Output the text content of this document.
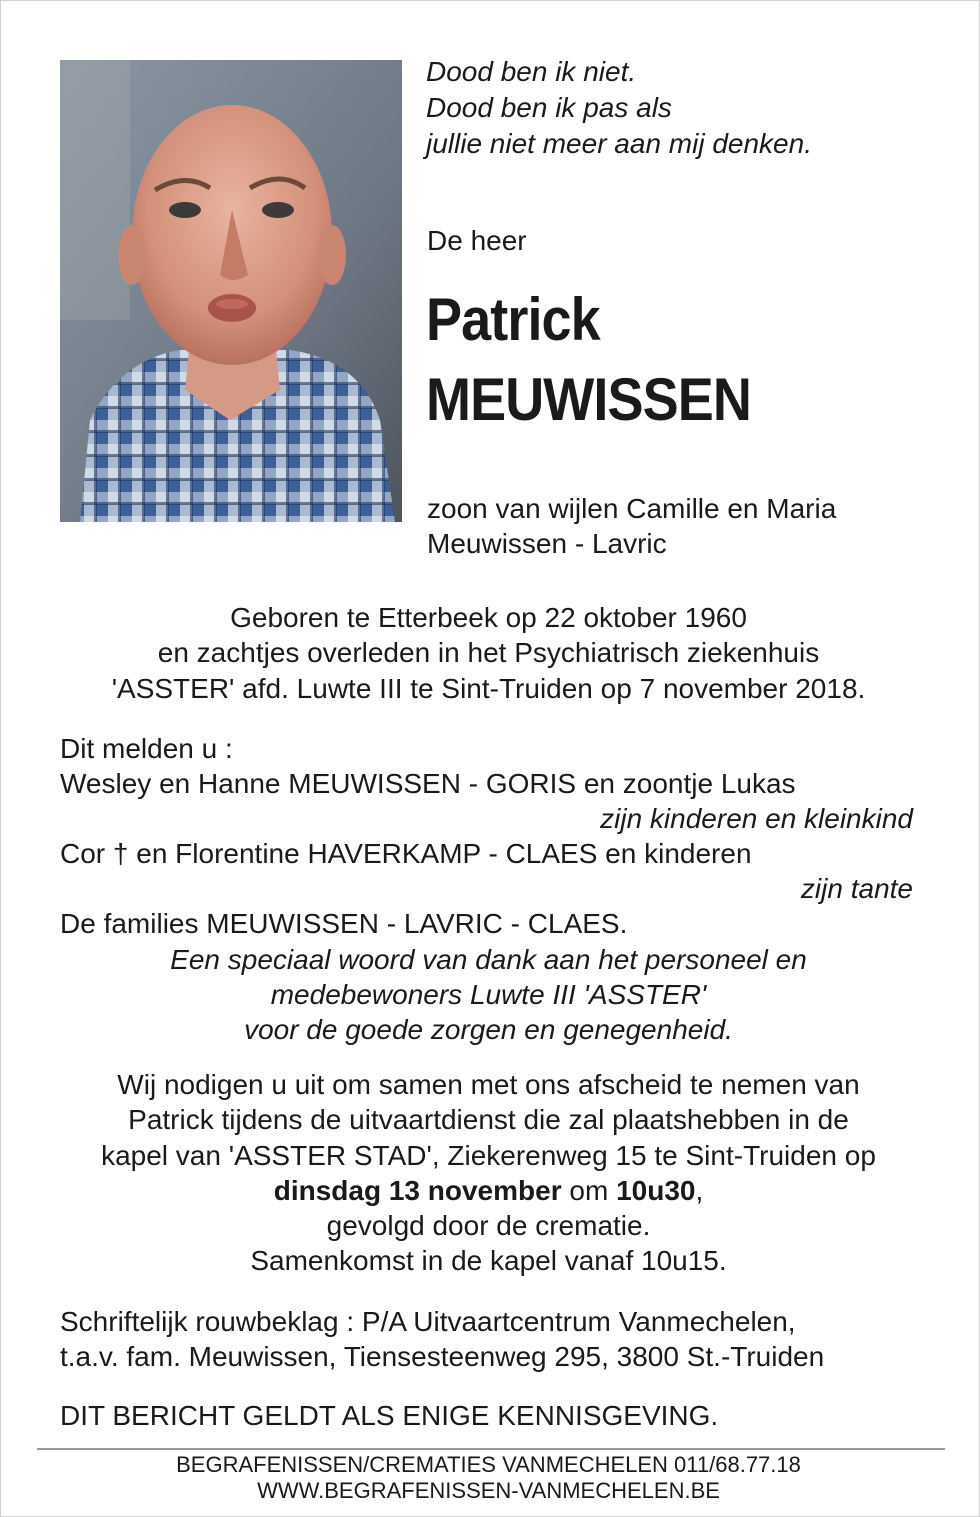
Dood ben ik niet.
Dood ben ik pas als
jullie niet meer aan mij denken.
De heer
Patrick
MEUWISSEN
zoon van wijlen Camille en Maria
Meuwissen - Lavric
Geboren te Etterbeek op 22 oktober 1960
en zachtjes overleden in het Psychiatrisch ziekenhuis
'ASSTER' afd. Luwte III te Sint-Truiden op 7 november 2018.
Dit melden u :
Wesley en Hanne MEUWISSEN - GORIS en zoontje Lukas
zijn kinderen en kleinkind
Cor † en Florentine HAVERKAMP - CLAES en kinderen
zijn tante
De families MEUWISSEN - LAVRIC - CLAES.
Een speciaal woord van dank aan het personeel en
medebewoners Luwte III 'ASSTER'
voor de goede zorgen en genegenheid.
Wij nodigen u uit om samen met ons afscheid te nemen van
Patrick tijdens de uitvaartdienst die zal plaatshebben in de
kapel van 'ASSTER STAD', Ziekerenweg 15 te Sint-Truiden op
dinsdag 13 november om 10u30,
gevolgd door de crematie.
Samenkomst in de kapel vanaf 10u15.
Schriftelijk rouwbeklag : P/A Uitvaartcentrum Vanmechelen,
t.a.v. fam. Meuwissen, Tiensesteenweg 295, 3800 St.-Truiden
DIT BERICHT GELDT ALS ENIGE KENNISGEVING.
BEGRAFENISSEN/CREMATIES VANMECHELEN 011/68.77.18
WWW.BEGRAFENISSEN-VANMECHELEN.BE
